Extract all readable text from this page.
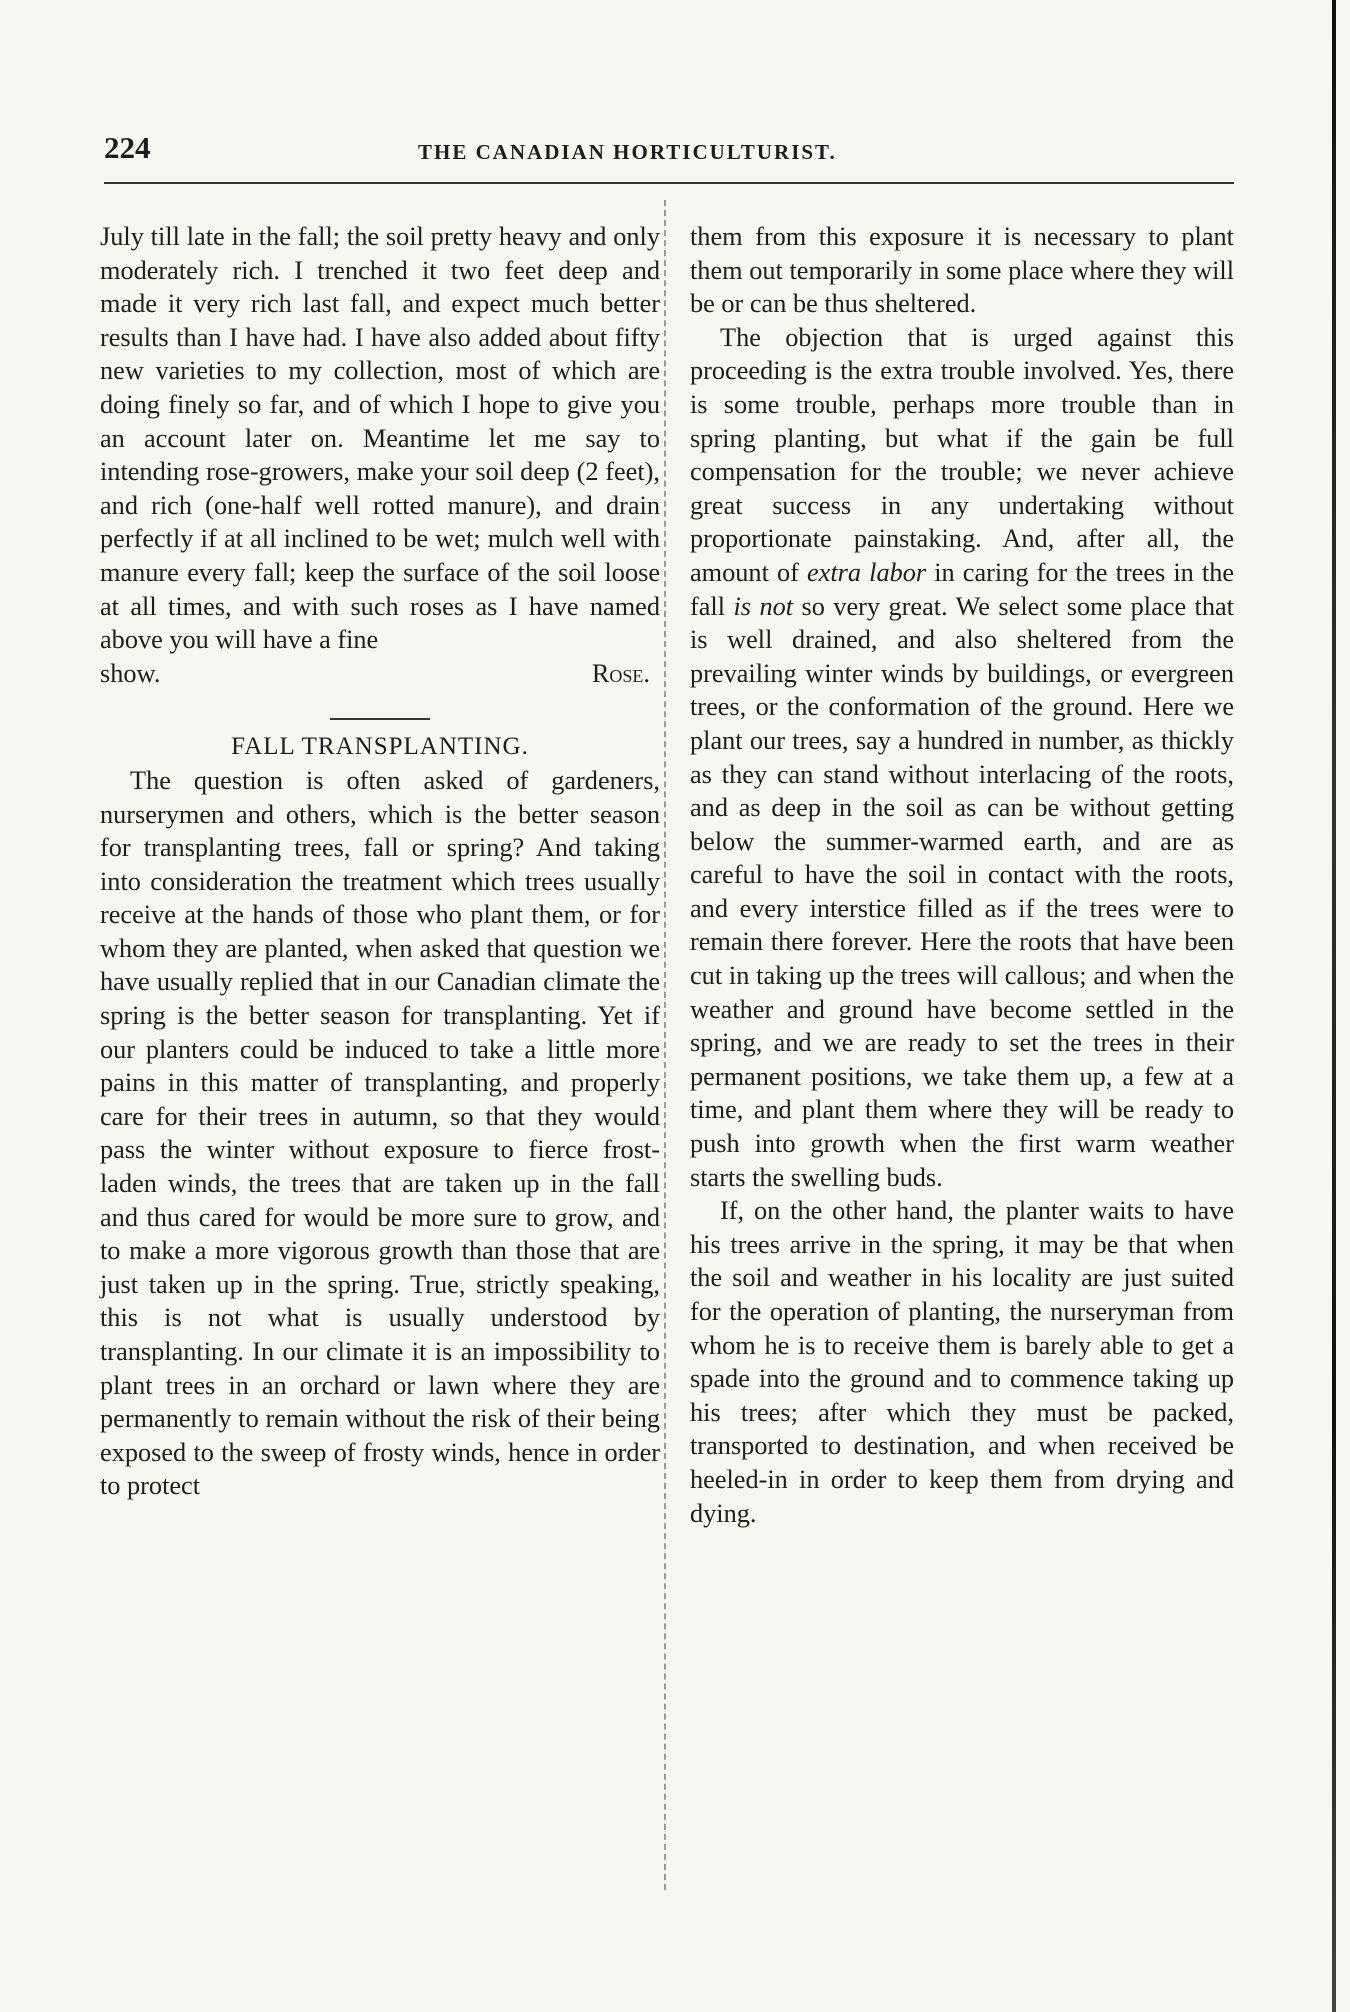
224	THE CANADIAN HORTICULTURIST.

July till late in the fall; the soil pretty heavy and only moderately rich. I trenched it two feet deep and made it very rich last fall, and expect much better results than I have had. I have also added about fifty new varieties to my collection, most of which are doing finely so far, and of which I hope to give you an account later on. Meantime let me say to intending rose-growers, make your soil deep (2 feet), and rich (one-half well rotted manure), and drain perfectly if at all inclined to be wet; mulch well with manure every fall; keep the surface of the soil loose at all times, and with such roses as I have named above you will have a fine

show.	Rose.

FALL TRANSPLANTING.

The question is often asked of gardeners, nurserymen and others, which is the better season for transplanting trees, fall or spring? And taking into consideration the treatment which trees usually receive at the hands of those who plant them, or for whom they are planted, when asked that question we have usually replied that in our Canadian climate the spring is the better season for transplanting. Yet if our planters could be induced to take a little more pains in this matter of transplanting, and properly care for their trees in autumn, so that they would pass the winter without exposure to fierce frost-laden winds, the trees that are taken up in the fall and thus cared for would be more sure to grow, and to make a more vigorous growth than those that are just taken up in the spring. True, strictly speaking, this is not what is usually understood by transplanting. In our climate it is an impossibility to plant trees in an orchard or lawn where they are permanently to remain without the risk of their being exposed to the sweep of frosty winds, hence in order to protect

them from this exposure it is necessary to plant them out temporarily in some place where they will be or can be thus sheltered.

The objection that is urged against this proceeding is the extra trouble involved. Yes, there is some trouble, perhaps more trouble than in spring planting, but what if the gain be full compensation for the trouble; we never achieve great success in any undertaking without proportionate painstaking. And, after all, the amount of extra labor in caring for the trees in the fall is not so very great. We select some place that is well drained, and also sheltered from the prevailing winter winds by buildings, or evergreen trees, or the conformation of the ground. Here we plant our trees, say a hundred in number, as thickly as they can stand without interlacing of the roots, and as deep in the soil as can be without getting below the summer-warmed earth, and are as careful to have the soil in contact with the roots, and every interstice filled as if the trees were to remain there forever. Here the roots that have been cut in taking up the trees will callous; and when the weather and ground have become settled in the spring, and we are ready to set the trees in their permanent positions, we take them up, a few at a time, and plant them where they will be ready to push into growth when the first warm weather starts the swelling buds.

If, on the other hand, the planter waits to have his trees arrive in the spring, it may be that when the soil and weather in his locality are just suited for the operation of planting, the nurseryman from whom he is to receive them is barely able to get a spade into the ground and to commence taking up his trees; after which they must be packed, transported to destination, and when received be heeled-in in order to keep them from drying and dying.
